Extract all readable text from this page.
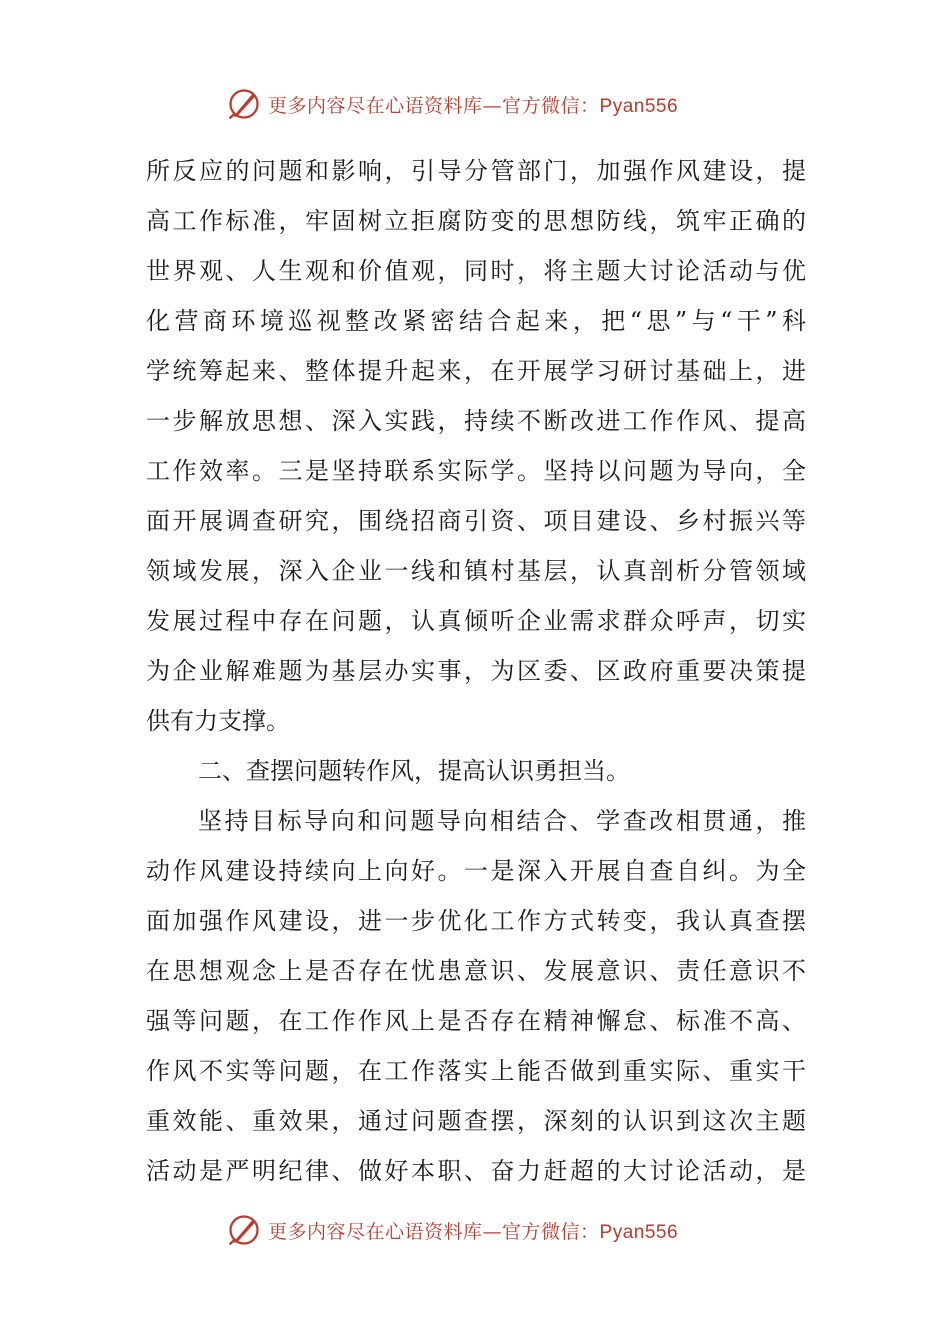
更多内容尽在心语资料库—官方微信：Pyan556
所反应的问题和影响，引导分管部门，加强作风建设，提
高工作标准，牢固树立拒腐防变的思想防线，筑牢正确的
世界观、人生观和价值观，同时，将主题大讨论活动与优
化营商环境巡视整改紧密结合起来，把“思”与“干”科
学统筹起来、整体提升起来，在开展学习研讨基础上，进
一步解放思想、深入实践，持续不断改进工作作风、提高
工作效率。三是坚持联系实际学。坚持以问题为导向，全
面开展调查研究，围绕招商引资、项目建设、乡村振兴等
领域发展，深入企业一线和镇村基层，认真剖析分管领域
发展过程中存在问题，认真倾听企业需求群众呼声，切实
为企业解难题为基层办实事，为区委、区政府重要决策提
供有力支撑。
二、查摆问题转作风，提高认识勇担当。
坚持目标导向和问题导向相结合、学查改相贯通，推
动作风建设持续向上向好。一是深入开展自查自纠。为全
面加强作风建设，进一步优化工作方式转变，我认真查摆
在思想观念上是否存在忧患意识、发展意识、责任意识不
强等问题，在工作作风上是否存在精神懈怠、标准不高、
作风不实等问题，在工作落实上能否做到重实际、重实干
重效能、重效果，通过问题查摆，深刻的认识到这次主题
活动是严明纪律、做好本职、奋力赶超的大讨论活动，是
更多内容尽在心语资料库—官方微信：Pyan556
